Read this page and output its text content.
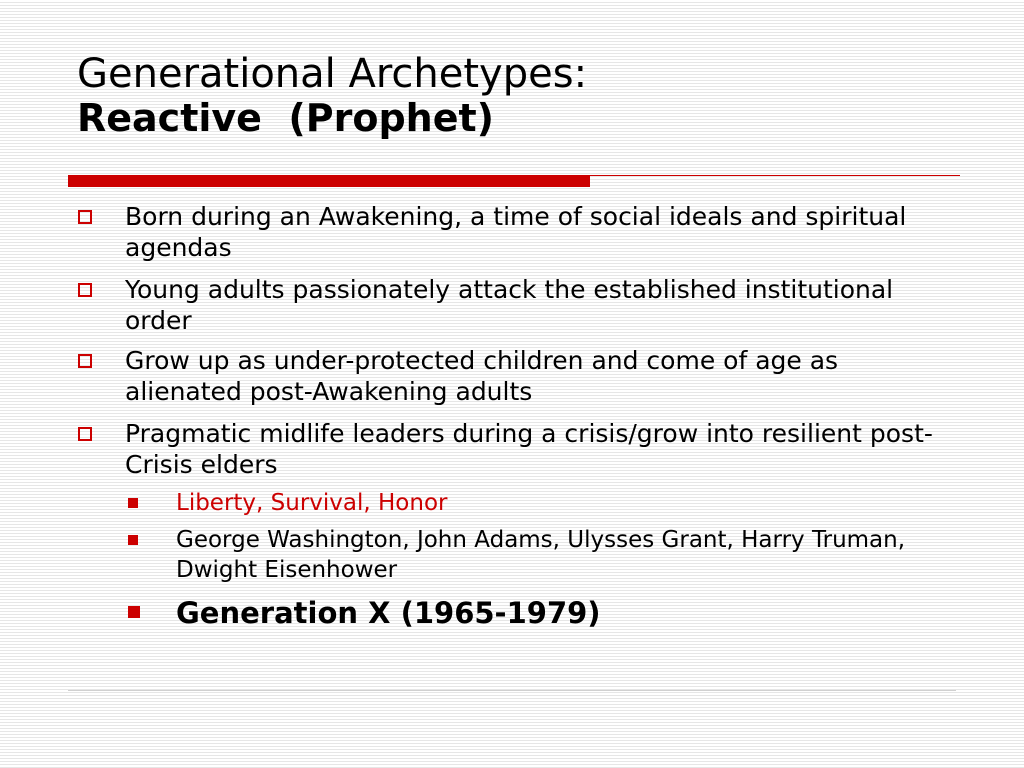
Generational Archetypes:
Reactive  (Prophet)
Born during an Awakening, a time of social ideals and spiritual agendas
Young adults passionately attack the established institutional order
Grow up as under-protected children and come of age as alienated post-Awakening adults
Pragmatic midlife leaders during a crisis/grow into resilient post-Crisis elders
Liberty, Survival, Honor
George Washington, John Adams, Ulysses Grant, Harry Truman, Dwight Eisenhower
Generation X (1965-1979)
